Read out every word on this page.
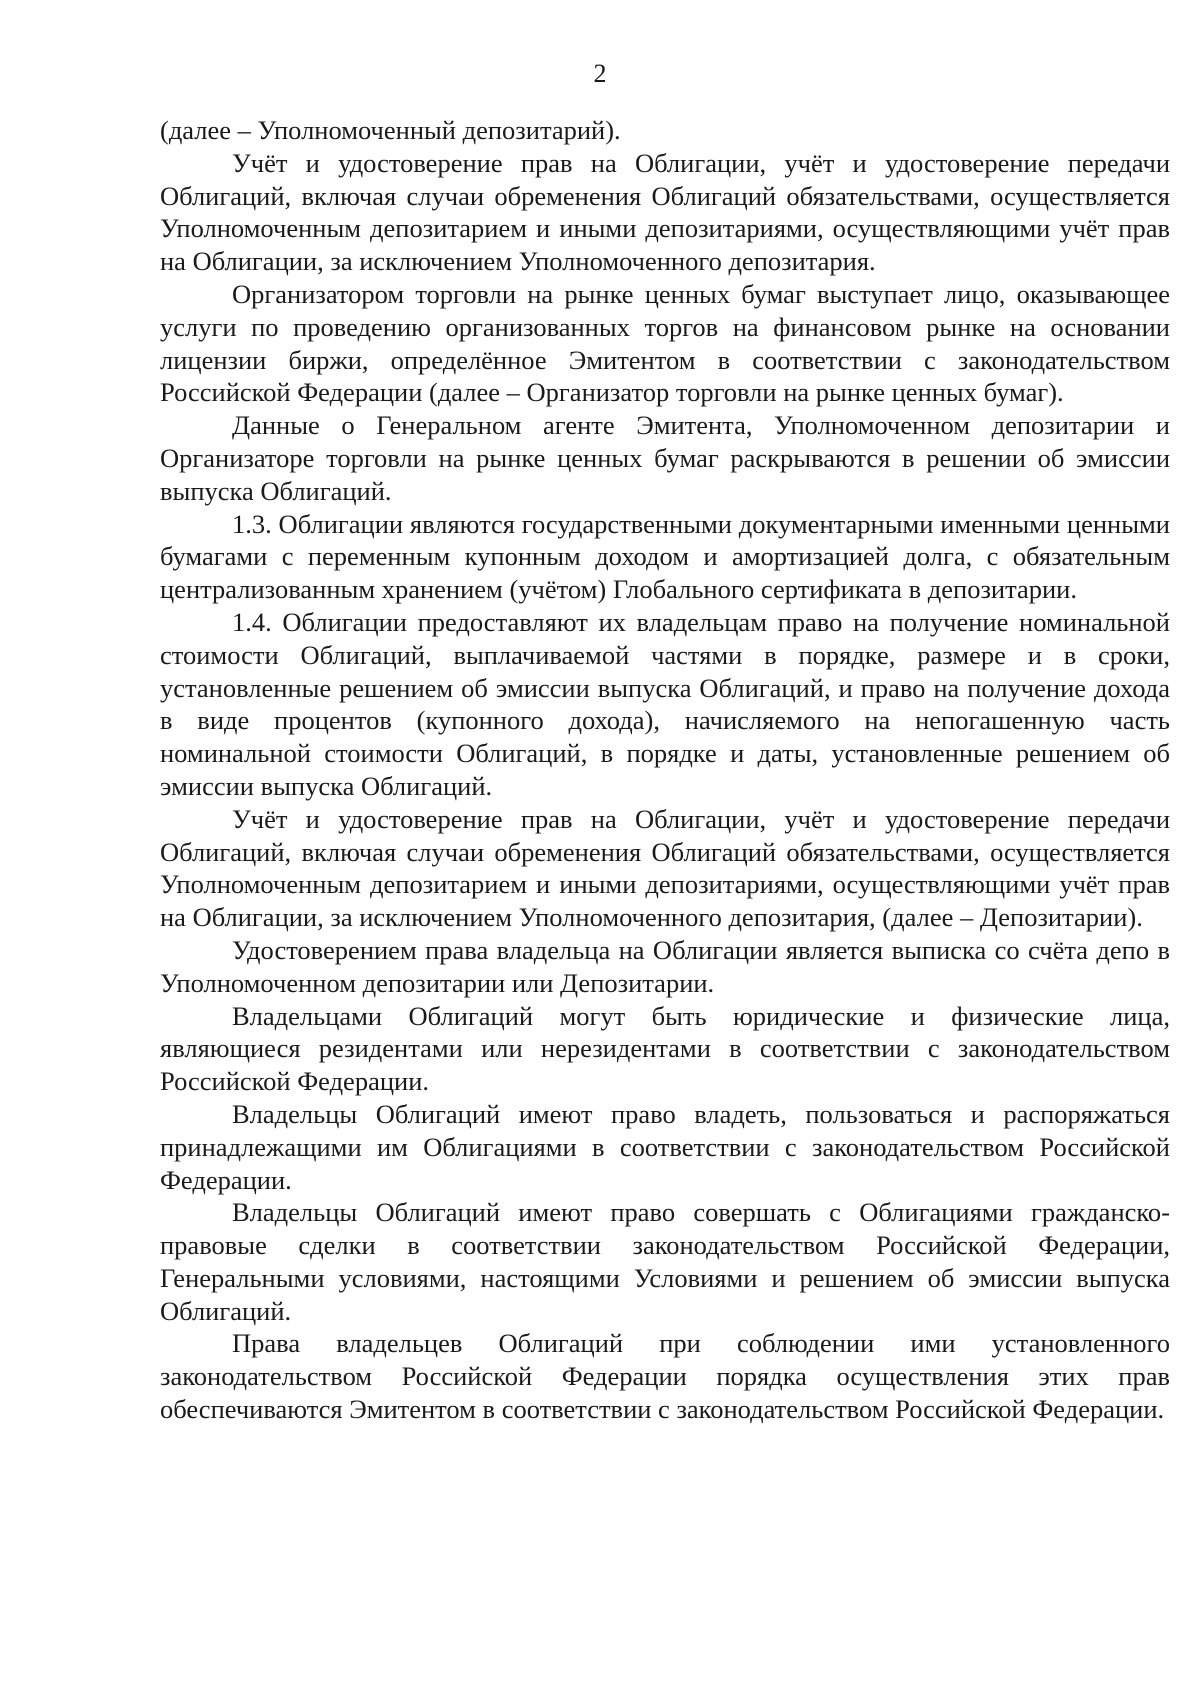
2

(далее – Уполномоченный депозитарий).

Учёт и удостоверение прав на Облигации, учёт и удостоверение передачи Облигаций, включая случаи обременения Облигаций обязательствами, осуществляется Уполномоченным депозитарием и иными депозитариями, осуществляющими учёт прав на Облигации, за исключением Уполномоченного депозитария.

Организатором торговли на рынке ценных бумаг выступает лицо, оказывающее услуги по проведению организованных торгов на финансовом рынке на основании лицензии биржи, определённое Эмитентом в соответствии с законодательством Российской Федерации (далее – Организатор торговли на рынке ценных бумаг).

Данные о Генеральном агенте Эмитента, Уполномоченном депозитарии и Организаторе торговли на рынке ценных бумаг раскрываются в решении об эмиссии выпуска Облигаций.

1.3. Облигации являются государственными документарными именными ценными бумагами с переменным купонным доходом и амортизацией долга, с обязательным централизованным хранением (учётом) Глобального сертификата в депозитарии.

1.4. Облигации предоставляют их владельцам право на получение номинальной стоимости Облигаций, выплачиваемой частями в порядке, размере и в сроки, установленные решением об эмиссии выпуска Облигаций, и право на получение дохода в виде процентов (купонного дохода), начисляемого на непогашенную часть номинальной стоимости Облигаций, в порядке и даты, установленные решением об эмиссии выпуска Облигаций.

Учёт и удостоверение прав на Облигации, учёт и удостоверение передачи Облигаций, включая случаи обременения Облигаций обязательствами, осуществляется Уполномоченным депозитарием и иными депозитариями, осуществляющими учёт прав на Облигации, за исключением Уполномоченного депозитария, (далее – Депозитарии).

Удостоверением права владельца на Облигации является выписка со счёта депо в Уполномоченном депозитарии или Депозитарии.

Владельцами Облигаций могут быть юридические и физические лица, являющиеся резидентами или нерезидентами в соответствии с законодательством Российской Федерации.

Владельцы Облигаций имеют право владеть, пользоваться и распоряжаться принадлежащими им Облигациями в соответствии с законодательством Российской Федерации.

Владельцы Облигаций имеют право совершать с Облигациями гражданско-правовые сделки в соответствии законодательством Российской Федерации, Генеральными условиями, настоящими Условиями и решением об эмиссии выпуска Облигаций.

Права владельцев Облигаций при соблюдении ими установленного законодательством Российской Федерации порядка осуществления этих прав обеспечиваются Эмитентом в соответствии с законодательством Российской Федерации.
